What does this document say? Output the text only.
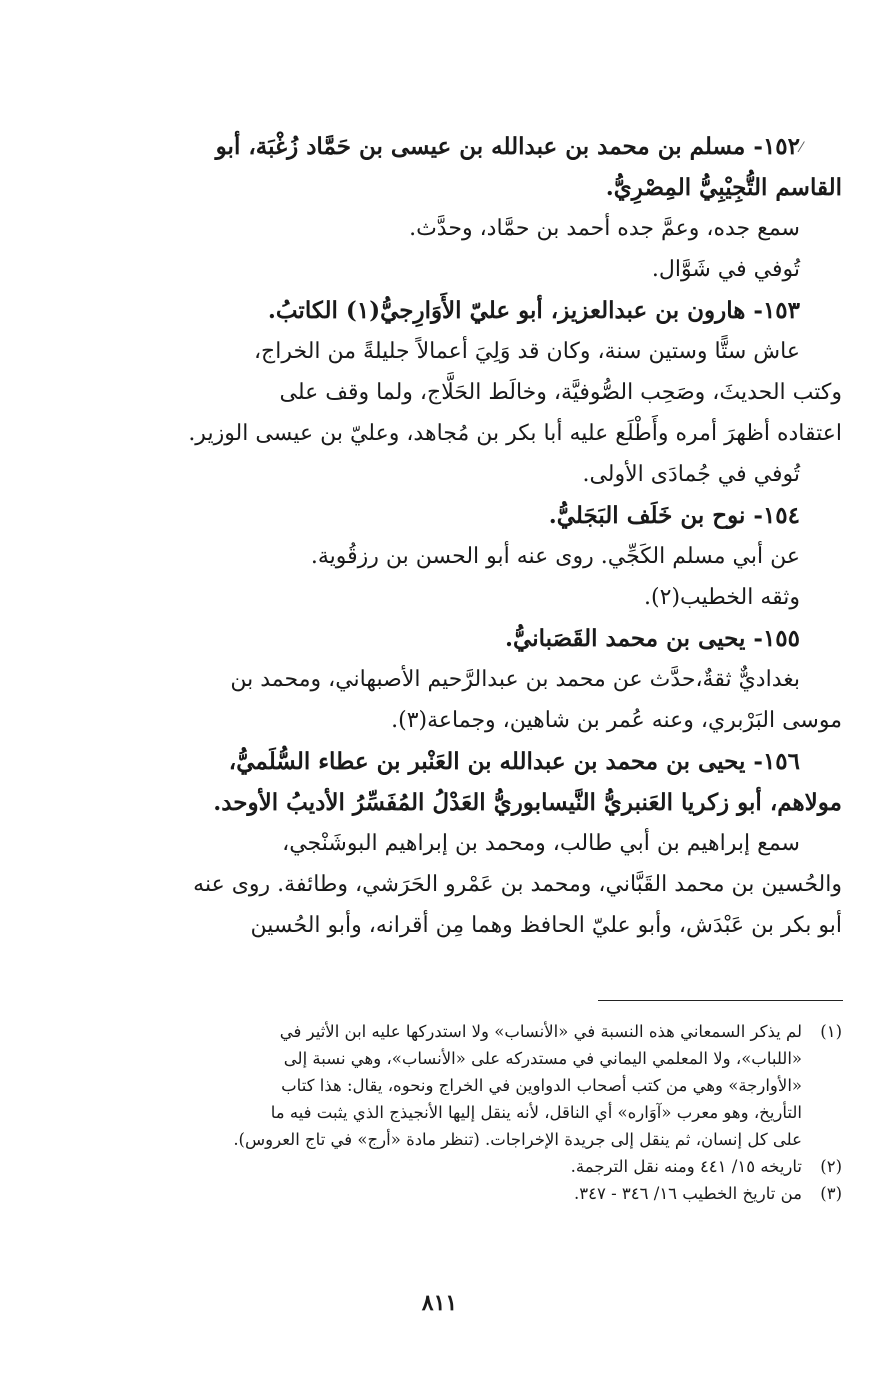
⁄
١٥٢- مسلم بن محمد بن عبدالله بن عيسى بن حَمَّاد زُغْبَة، أبو
القاسم التُّجِيْبِيُّ المِصْرِيُّ.
سمع جده، وعمَّ جده أحمد بن حمَّاد، وحدَّث.
تُوفي في شَوَّال.
١٥٣- هارون بن عبدالعزيز، أبو عليّ الأَوَارِجيُّ(١) الكاتبُ.
عاش ستًّا وستين سنة، وكان قد وَلِيَ أعمالاً جليلةً من الخراج،
وكتب الحديثَ، وصَحِب الصُّوفيَّة، وخالَط الحَلَّاج، ولما وقف على
اعتقاده أظهرَ أمره وأَطْلَع عليه أبا بكر بن مُجاهد، وعليّ بن عيسى الوزير.
تُوفي في جُمادَى الأولى.
١٥٤- نوح بن خَلَف البَجَليُّ.
عن أبي مسلم الكَجِّي. روى عنه أبو الحسن بن رزقُوية.
وثقه الخطيب(٢).
١٥٥- يحيى بن محمد القَصَبانيُّ.
بغداديٌّ ثقةٌ،حدَّث عن محمد بن عبدالرَّحيم الأصبهاني، ومحمد بن
موسى البَرْبري، وعنه عُمر بن شاهين، وجماعة(٣).
١٥٦- يحيى بن محمد بن عبدالله بن العَنْبر بن عطاء السُّلَميُّ،
مولاهم، أبو زكريا العَنبريُّ النَّيسابوريُّ العَدْلُ المُفَسِّرُ الأديبُ الأوحد.
سمع إبراهيم بن أبي طالب، ومحمد بن إبراهيم البوشَنْجي،
والحُسين بن محمد القَبَّاني، ومحمد بن عَمْرو الحَرَشي، وطائفة. روى عنه
أبو بكر بن عَبْدَش، وأبو عليّ الحافظ وهما مِن أقرانه، وأبو الحُسين
(١)لم يذكر السمعاني هذه النسبة في «الأنساب» ولا استدركها عليه ابن الأثير في
«اللباب»، ولا المعلمي اليماني في مستدركه على «الأنساب»، وهي نسبة إلى
«الأوارجة» وهي من كتب أصحاب الدواوين في الخراج ونحوه، يقال: هذا كتاب
التأريخ، وهو معرب «آوَاره» أي الناقل، لأنه ينقل إليها الأنجيذج الذي يثبت فيه ما
على كل إنسان، ثم ينقل إلى جريدة الإخراجات. (تنظر مادة «أرج» في تاج العروس).
(٢)تاريخه ١٥/ ٤٤١ ومنه نقل الترجمة.
(٣)من تاريخ الخطيب ١٦/ ٣٤٦ - ٣٤٧.
٨١١
